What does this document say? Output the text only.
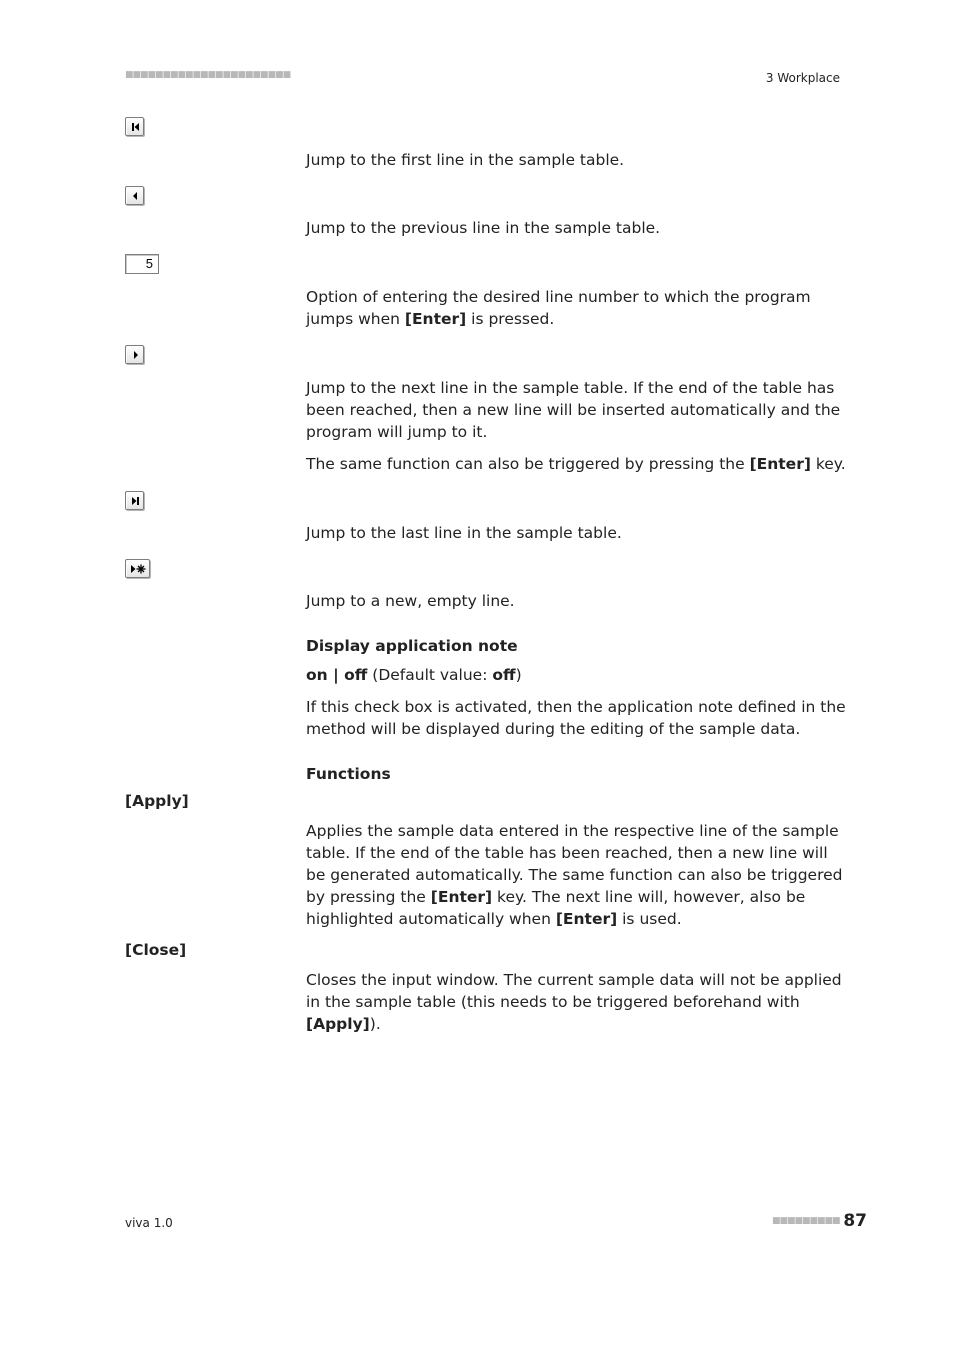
■■■■■■■■■■■■■■■■■■■■■■	3 Workplace

Jump to the first line in the sample table.

Jump to the previous line in the sample table.

5

Option of entering the desired line number to which the program jumps when [Enter] is pressed.

Jump to the next line in the sample table. If the end of the table has been reached, then a new line will be inserted automatically and the program will jump to it.

The same function can also be triggered by pressing the [Enter] key.

Jump to the last line in the sample table.

Jump to a new, empty line.

Display application note

on | off (Default value: off)

If this check box is activated, then the application note defined in the method will be displayed during the editing of the sample data.

Functions
[Apply]

Applies the sample data entered in the respective line of the sample table. If the end of the table has been reached, then a new line will be generated automatically. The same function can also be triggered by pressing the [Enter] key. The next line will, however, also be highlighted automatically when [Enter] is used.

[Close]

Closes the input window. The current sample data will not be applied in the sample table (this needs to be triggered beforehand with [Apply]).

viva 1.0	■■■■■■■■■ 87
